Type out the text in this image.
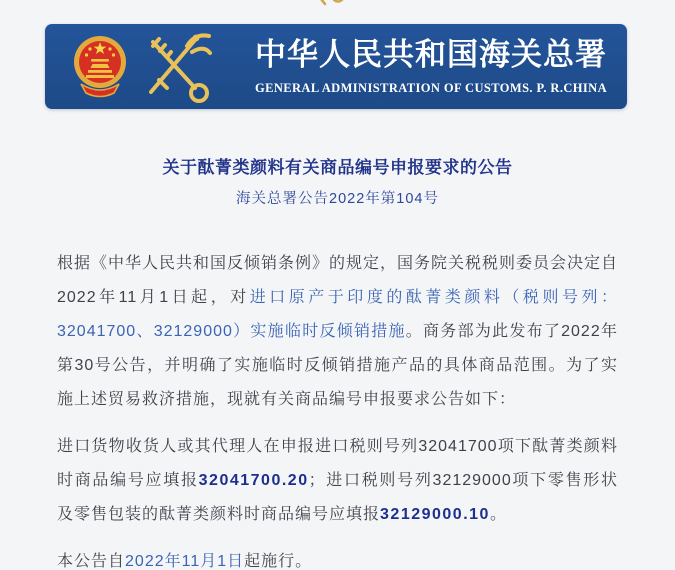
中华人民共和国海关总署
GENERAL ADMINISTRATION OF CUSTOMS. P. R.CHINA
关于酞菁类颜料有关商品编号申报要求的公告
海关总署公告2022年第104号

根据《中华人民共和国反倾销条例》的规定，国务院关税税则委员会决定自2022年11月1日起，对进口原产于印度的酞菁类颜料（税则号列：32041700、32129000）实施临时反倾销措施。商务部为此发布了2022年第30号公告，并明确了实施临时反倾销措施产品的具体商品范围。为了实施上述贸易救济措施，现就有关商品编号申报要求公告如下：

进口货物收货人或其代理人在申报进口税则号列32041700项下酞菁类颜料时商品编号应填报32041700.20；进口税则号列32129000项下零售形状及零售包装的酞菁类颜料时商品编号应填报32129000.10。

本公告自2022年11月1日起施行。
